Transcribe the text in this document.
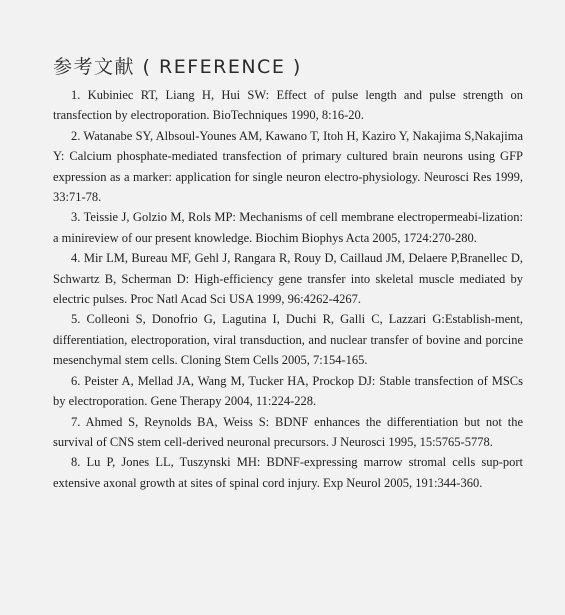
参考文献 ( REFERENCE )
1. Kubiniec RT, Liang H, Hui SW: Effect of pulse length and pulse strength on transfection by electroporation. BioTechniques 1990, 8:16-20.
2. Watanabe SY, Albsoul-Younes AM, Kawano T, Itoh H, Kaziro Y, Nakajima S,Nakajima Y: Calcium phosphate-mediated transfection of primary cultured brain neurons using GFP expression as a marker: application for single neuron electro-physiology. Neurosci Res 1999, 33:71-78.
3. Teissie J, Golzio M, Rols MP: Mechanisms of cell membrane electropermeabi-lization: a minireview of our present knowledge. Biochim Biophys Acta 2005, 1724:270-280.
4. Mir LM, Bureau MF, Gehl J, Rangara R, Rouy D, Caillaud JM, Delaere P,Branellec D, Schwartz B, Scherman D: High-efficiency gene transfer into skeletal muscle mediated by electric pulses. Proc Natl Acad Sci USA 1999, 96:4262-4267.
5. Colleoni S, Donofrio G, Lagutina I, Duchi R, Galli C, Lazzari G:Establish-ment, differentiation, electroporation, viral transduction, and nuclear transfer of bovine and porcine mesenchymal stem cells. Cloning Stem Cells 2005, 7:154-165.
6. Peister A, Mellad JA, Wang M, Tucker HA, Prockop DJ: Stable transfection of MSCs by electroporation. Gene Therapy 2004, 11:224-228.
7. Ahmed S, Reynolds BA, Weiss S: BDNF enhances the differentiation but not the survival of CNS stem cell-derived neuronal precursors. J Neurosci 1995, 15:5765-5778.
8. Lu P, Jones LL, Tuszynski MH: BDNF-expressing marrow stromal cells sup-port extensive axonal growth at sites of spinal cord injury. Exp Neurol 2005, 191:344-360.
